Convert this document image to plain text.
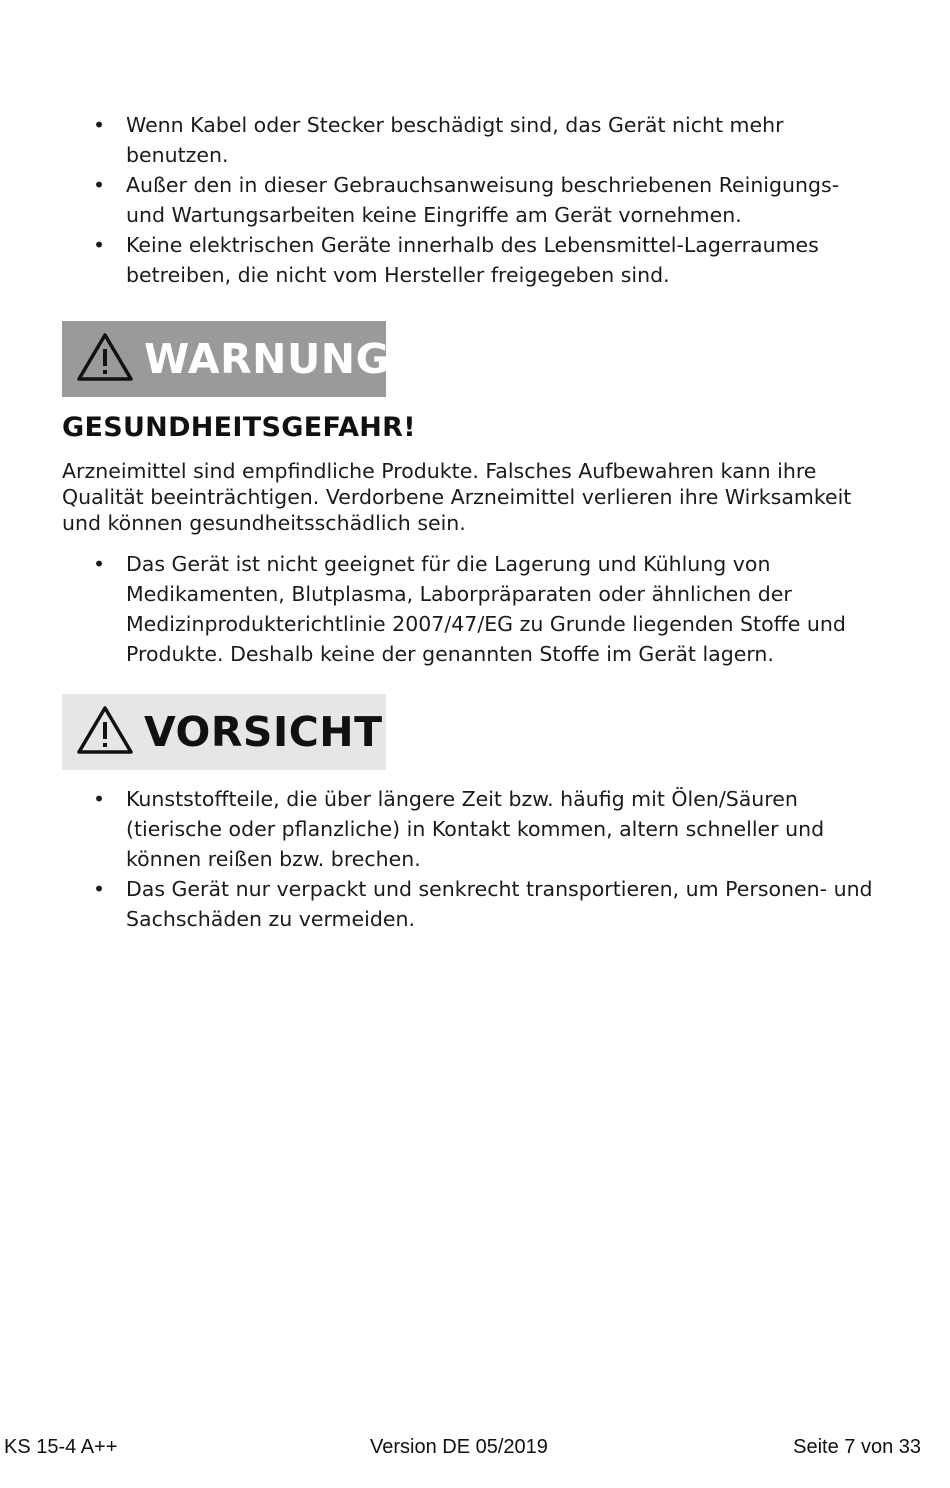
• Wenn Kabel oder Stecker beschädigt sind, das Gerät nicht mehr benutzen.
• Außer den in dieser Gebrauchsanweisung beschriebenen Reinigungs- und Wartungsarbeiten keine Eingriffe am Gerät vornehmen.
• Keine elektrischen Geräte innerhalb des Lebensmittel-Lagerraumes betreiben, die nicht vom Hersteller freigegeben sind.
WARNUNG
GESUNDHEITSGEFAHR!

Arzneimittel sind empfindliche Produkte. Falsches Aufbewahren kann ihre Qualität beeinträchtigen. Verdorbene Arzneimittel verlieren ihre Wirksamkeit und können gesundheitsschädlich sein.

• Das Gerät ist nicht geeignet für die Lagerung und Kühlung von Medikamenten, Blutplasma, Laborpräparaten oder ähnlichen der Medizinprodukterichtlinie 2007/47/EG zu Grunde liegenden Stoffe und Produkte. Deshalb keine der genannten Stoffe im Gerät lagern.
VORSICHT
• Kunststoffteile, die über längere Zeit bzw. häufig mit Ölen/Säuren (tierische oder pflanzliche) in Kontakt kommen, altern schneller und können reißen bzw. brechen.
• Das Gerät nur verpackt und senkrecht transportieren, um Personen- und Sachschäden zu vermeiden.
KS 15-4 A++	Version DE 05/2019	Seite 7 von 33
